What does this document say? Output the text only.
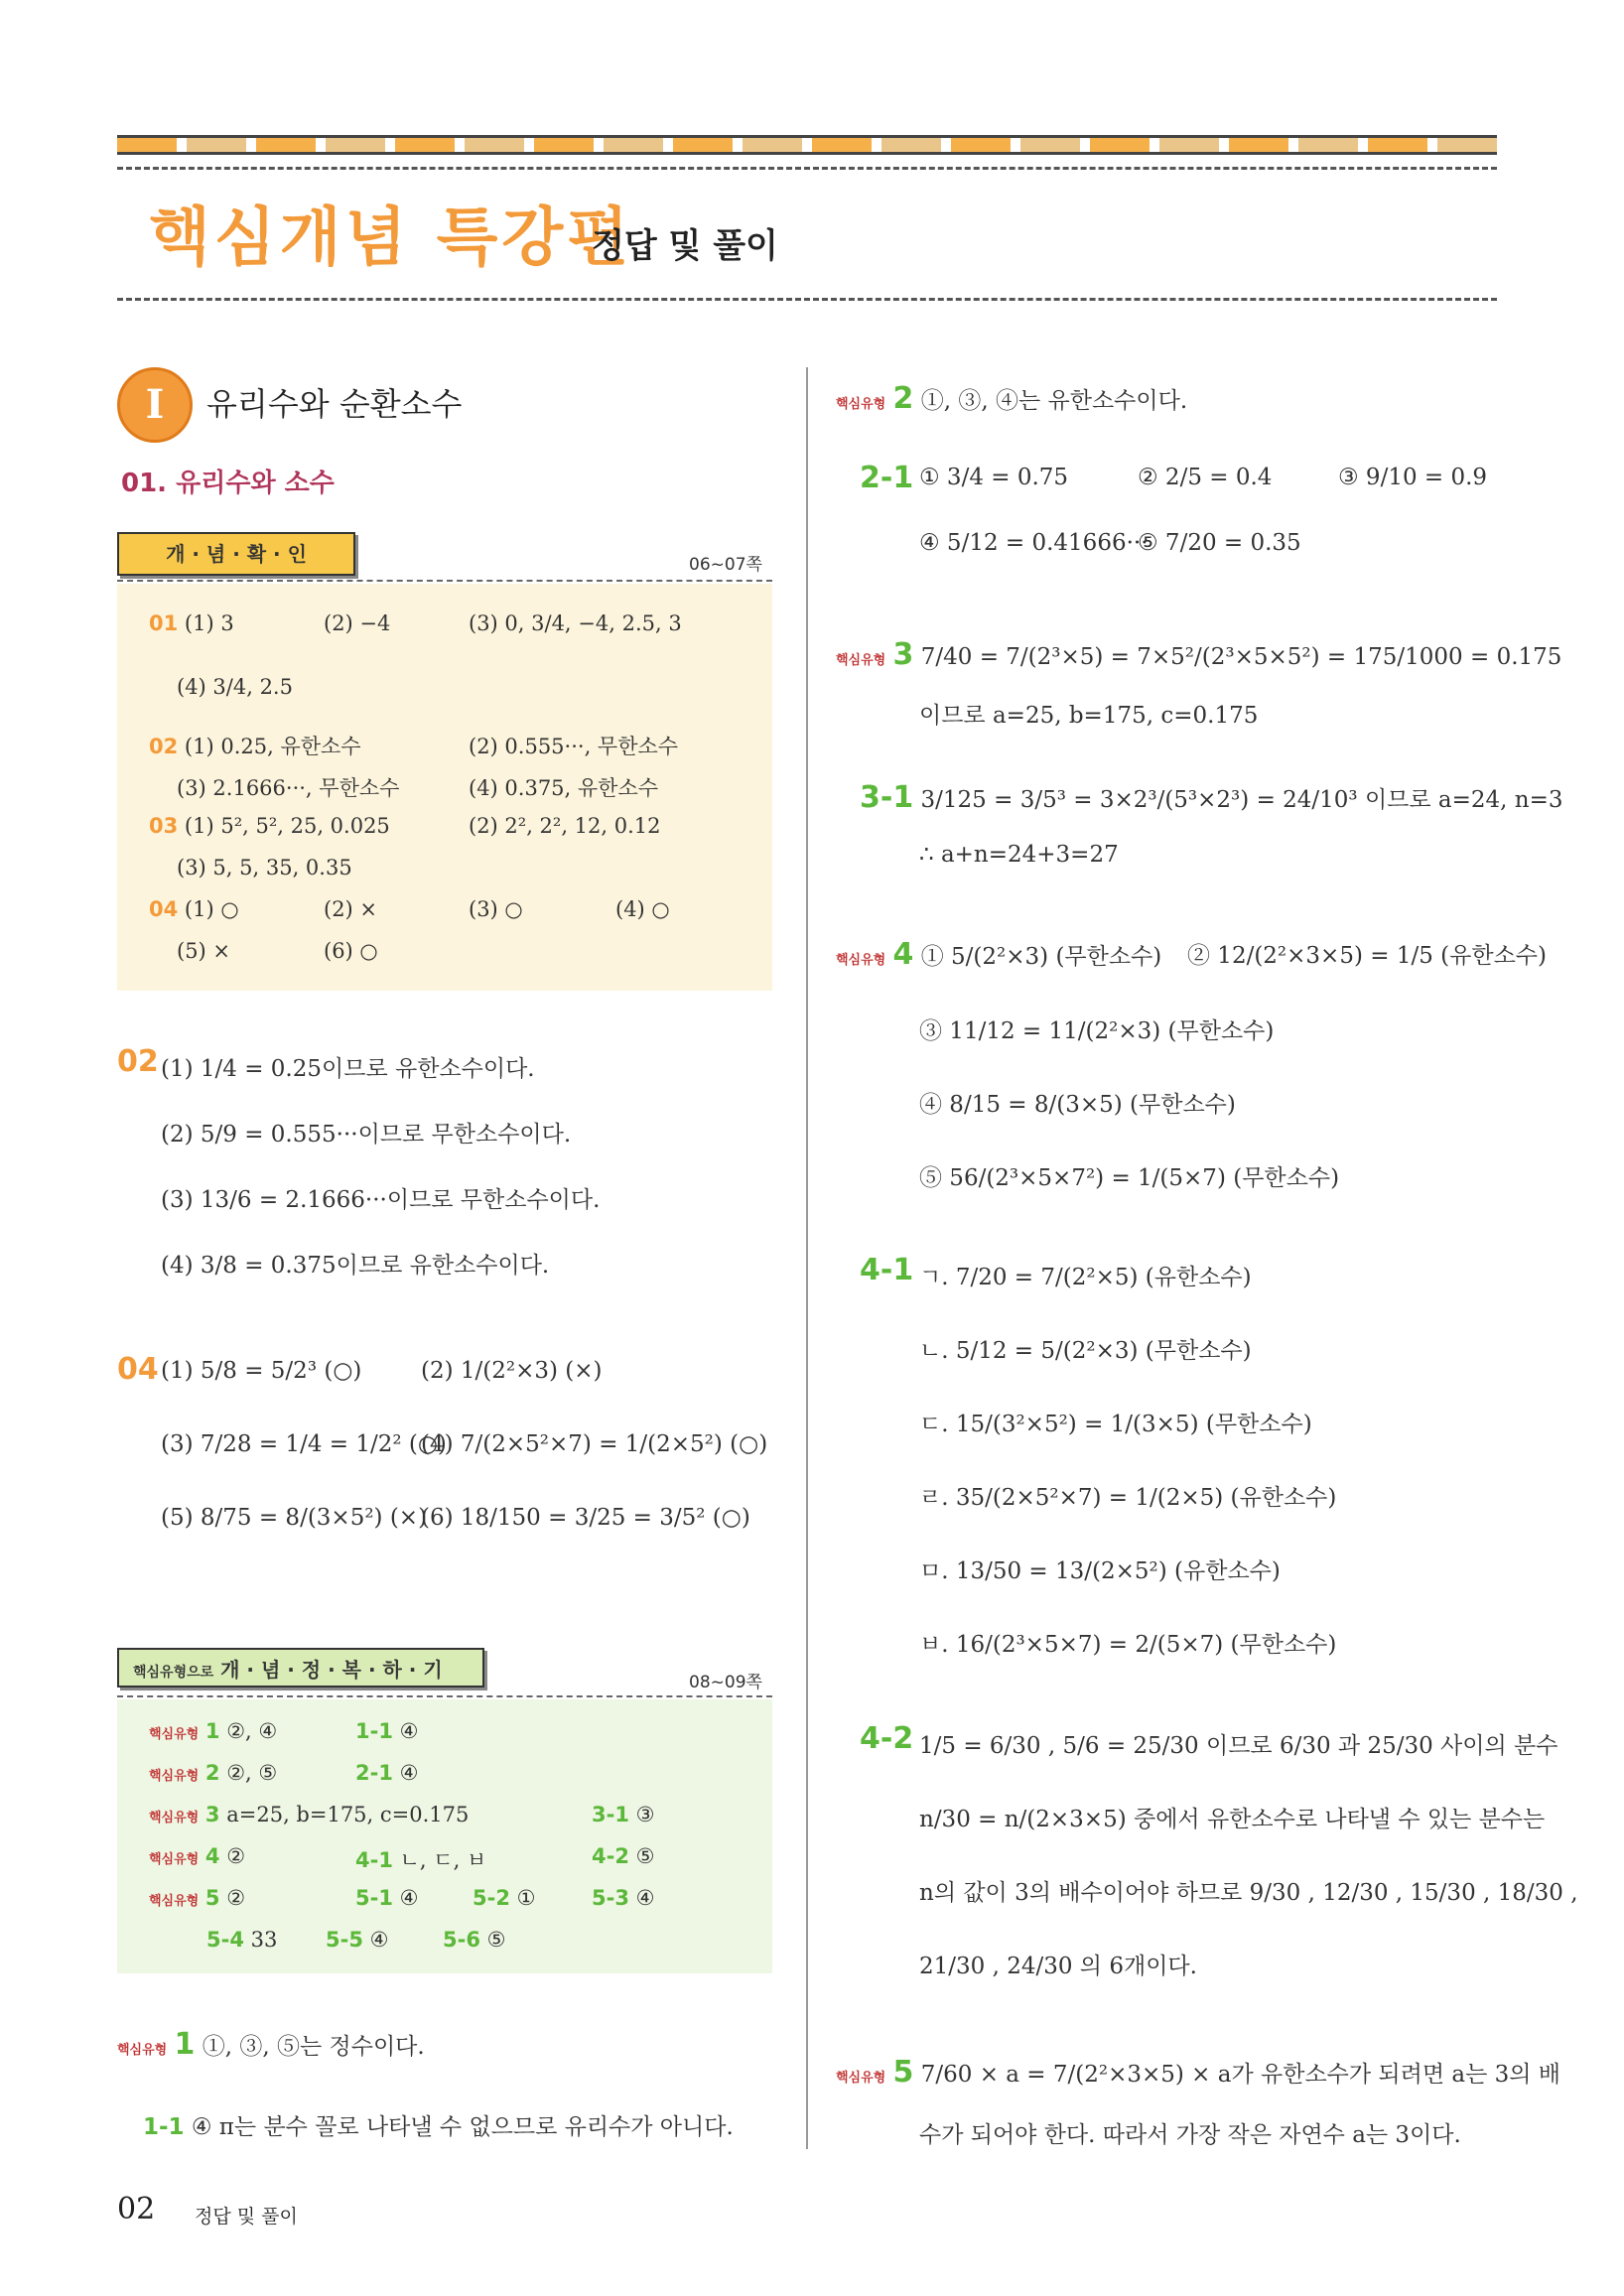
핵심개념 특강편
정답 및 풀이
I	유리수와 순환소수
01. 유리수와 소수
개 · 념 · 확 · 인	06~07쪽
01 (1) 3	(2) −4	(3) 0, 3/4, −4, 2.5, 3
(4) 3/4, 2.5
02 (1) 0.25, 유한소수	(2) 0.555···, 무한소수
(3) 2.1666···, 무한소수	(4) 0.375, 유한소수
03 (1) 5², 5², 25, 0.025	(2) 2², 2², 12, 0.12
(3) 5, 5, 35, 0.35
04 (1) ○	(2) ×	(3) ○	(4) ○
(5) ×	(6) ○
02 (1) 1/4 = 0.25이므로 유한소수이다.
(2) 5/9 = 0.555···이므로 무한소수이다.
(3) 13/6 = 2.1666···이므로 무한소수이다.
(4) 3/8 = 0.375이므로 유한소수이다.
04 (1) 5/8 = 5/2³ (○)	(2) 1/(2²×3) (×)
(3) 7/28 = 1/4 = 1/2² (○)
(4) 7/(2×5²×7) = 1/(2×5²) (○)
(5) 8/75 = 8/(3×5²) (×)
(6) 18/150 = 3/25 = 3/5² (○)
핵심유형으로 개 · 념 · 정 · 복 · 하 · 기
08~09쪽
핵심유형 1 ②, ④	1-1 ④
핵심유형 2 ②, ⑤	2-1 ④
핵심유형 3 a=25, b=175, c=0.175	3-1 ③
핵심유형 4 ②	4-1 ㄴ, ㄷ, ㅂ	4-2 ⑤
핵심유형 5 ②	5-1 ④	5-2 ①	5-3 ④
5-4 33 5-5 ④	5-6 ⑤
핵심유형 1 ①, ③, ⑤는 정수이다.
1-1 ④ π는 분수 꼴로 나타낼 수 없으므로 유리수가 아니다.
핵심유형 2 ①, ③, ④는 유한소수이다.
2-1 ① 3/4 = 0.75	② 2/5 = 0.4	③ 9/10 = 0.9
④ 5/12 = 0.41666···
⑤ 7/20 = 0.35
핵심유형 3 7/40 = 7/(2³×5) = 7×5²/(2³×5×5²) = 175/1000 = 0.175
이므로 a=25, b=175, c=0.175
3-1 3/125 = 3/5³ = 3×2³/(5³×2³) = 24/10³ 이므로 a=24, n=3
∴ a+n=24+3=27
핵심유형 4 ① 5/(2²×3) (무한소수) ② 12/(2²×3×5) = 1/5 (유한소수)
③ 11/12 = 11/(2²×3) (무한소수)
④ 8/15 = 8/(3×5) (무한소수)
⑤ 56/(2³×5×7²) = 1/(5×7) (무한소수)
4-1 ㄱ. 7/20 = 7/(2²×5) (유한소수)
ㄴ. 5/12 = 5/(2²×3) (무한소수)
ㄷ. 15/(3²×5²) = 1/(3×5) (무한소수)
ㄹ. 35/(2×5²×7) = 1/(2×5) (유한소수)
ㅁ. 13/50 = 13/(2×5²) (유한소수)
ㅂ. 16/(2³×5×7) = 2/(5×7) (무한소수)
4-2 1/5 = 6/30 , 5/6 = 25/30 이므로 6/30 과 25/30 사이의 분수
n/30 = n/(2×3×5) 중에서 유한소수로 나타낼 수 있는 분수는
n의 값이 3의 배수이어야 하므로 9/30 , 12/30 , 15/30 , 18/30 ,
21/30 , 24/30 의 6개이다.
핵심유형 5 7/60 × a = 7/(2²×3×5) × a가 유한소수가 되려면 a는 3의 배
수가 되어야 한다. 따라서 가장 작은 자연수 a는 3이다.
02 정답 및 풀이
